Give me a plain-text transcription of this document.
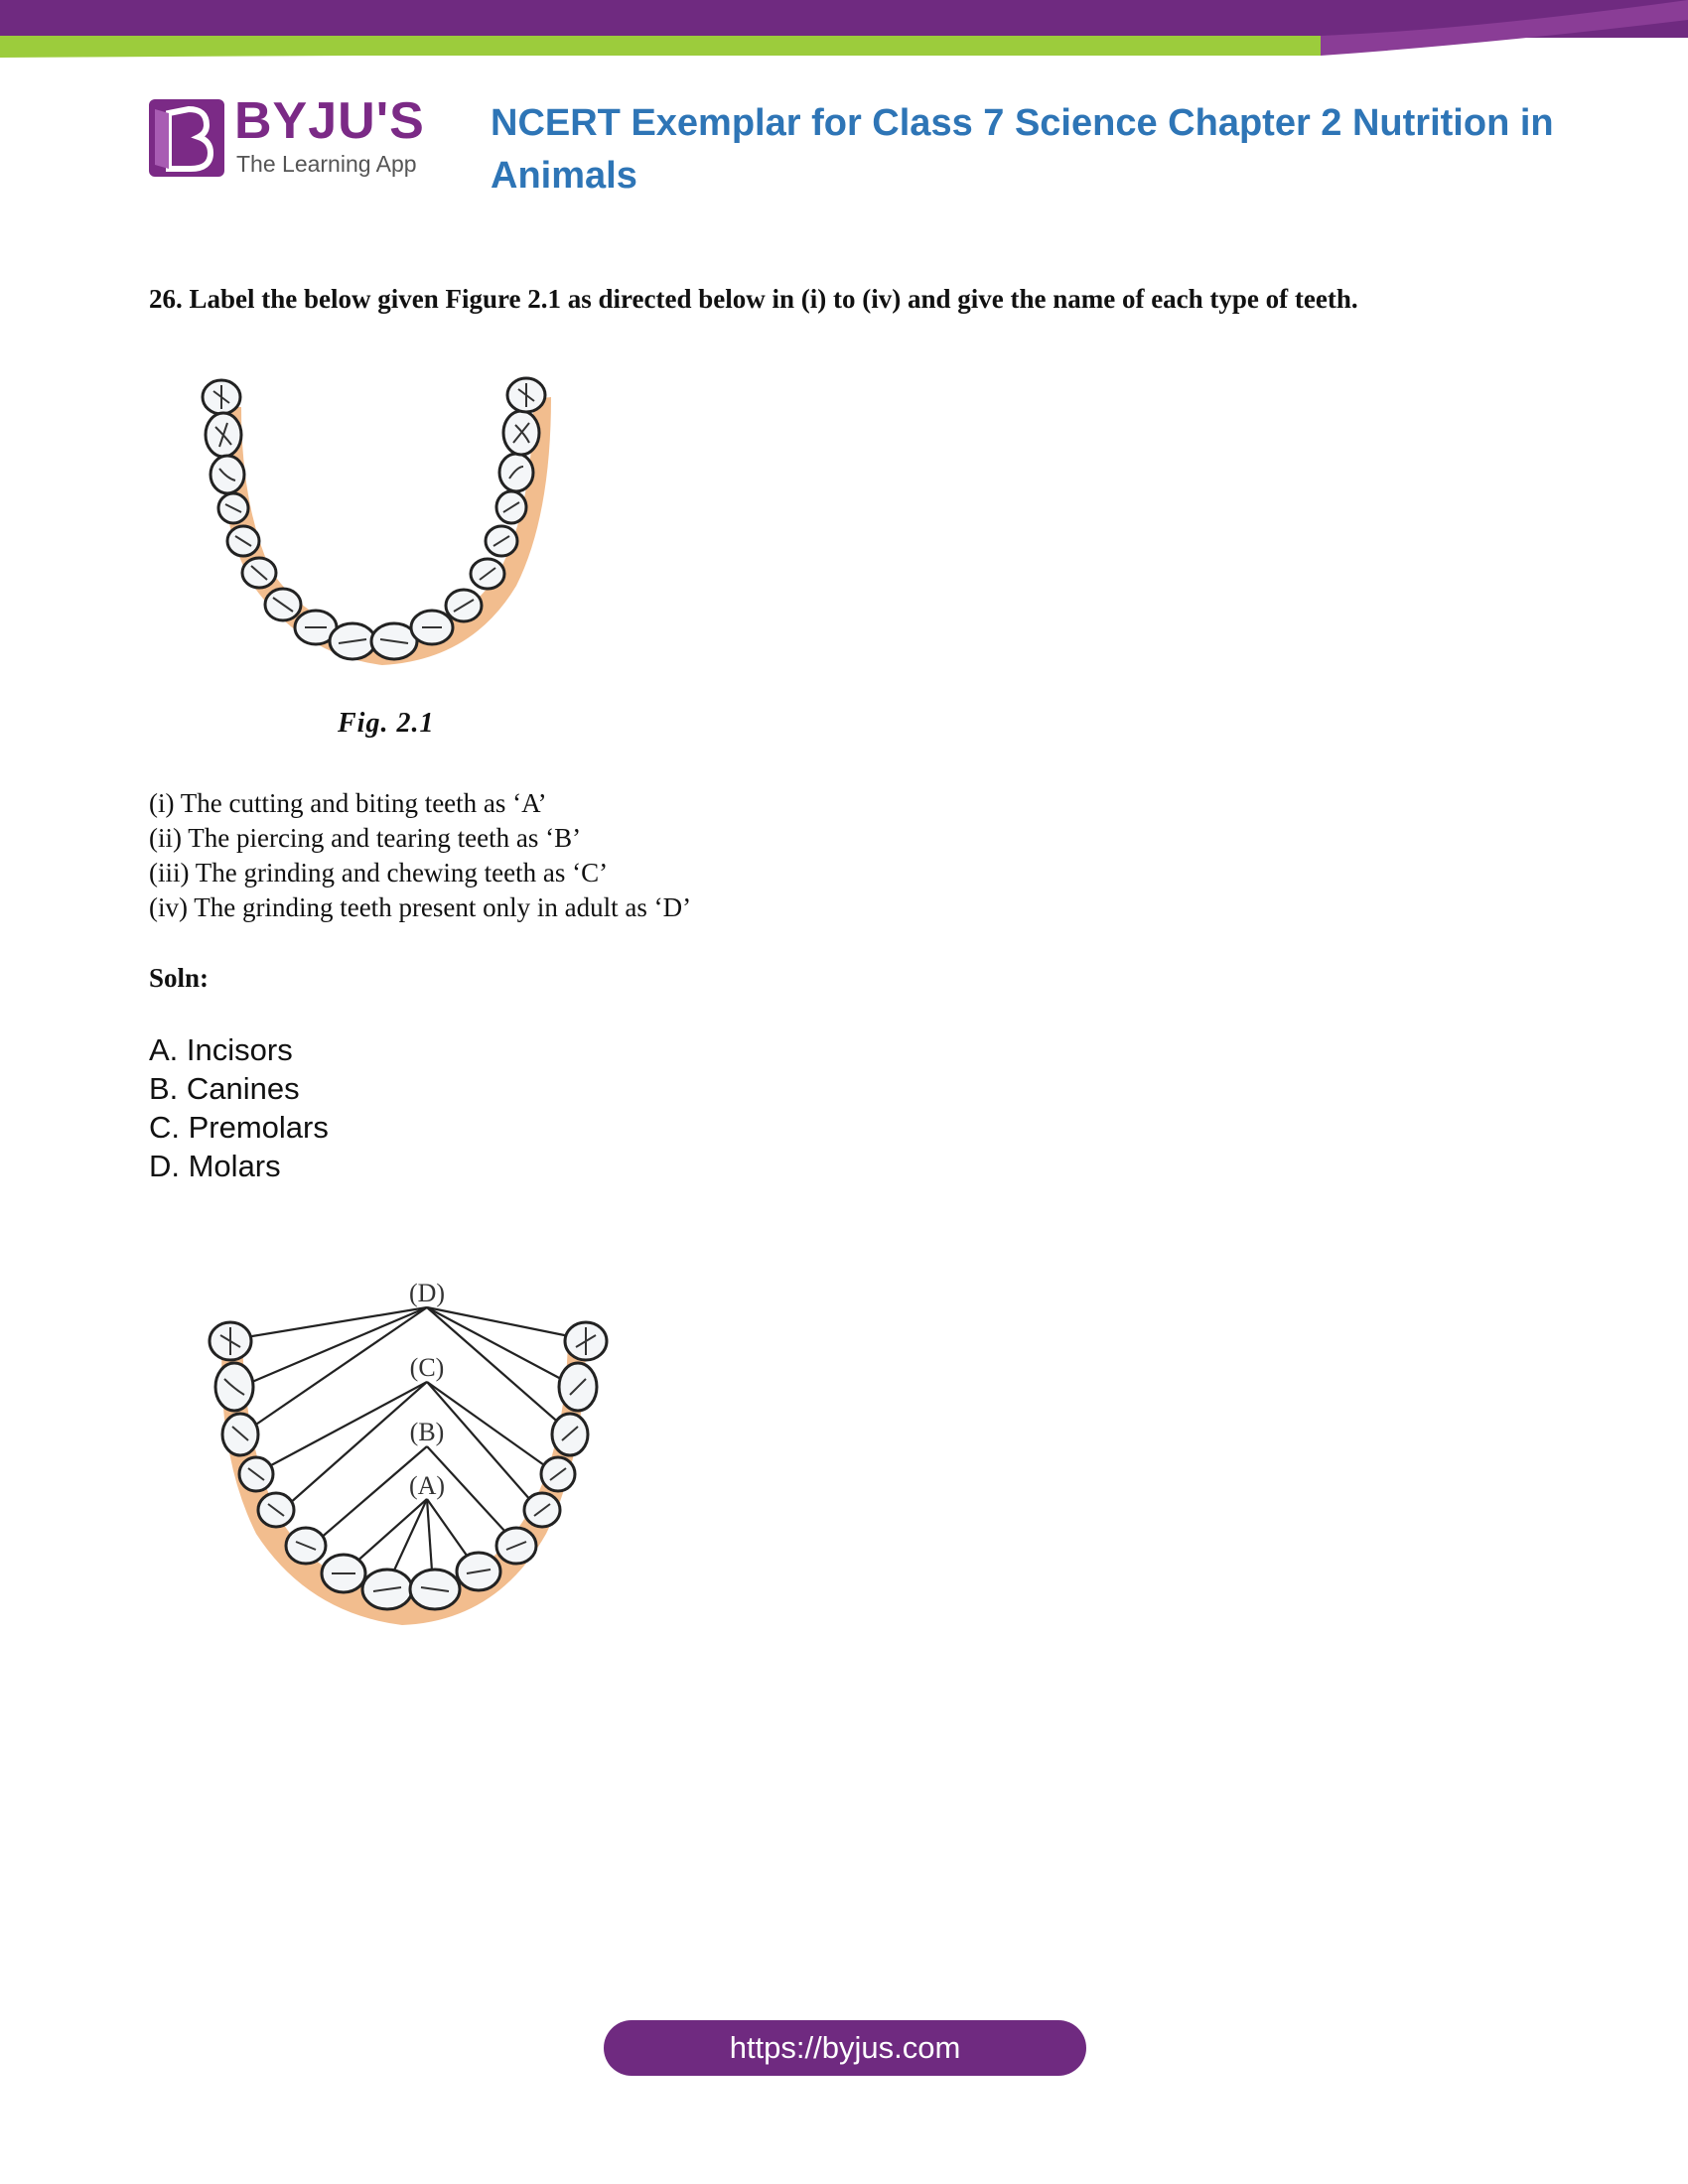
BYJU'S
The Learning App
NCERT Exemplar for Class 7 Science Chapter 2 Nutrition in Animals

26. Label the below given Figure 2.1 as directed below in (i) to (iv) and give the name of each type of teeth.

Fig. 2.1
(i) The cutting and biting teeth as ‘A’
(ii) The piercing and tearing teeth as ‘B’
(iii) The grinding and chewing teeth as ‘C’
(iv) The grinding teeth present only in adult as ‘D’
Soln:
A. Incisors
B. Canines
C. Premolars
D. Molars
(D)
(C)
(B)
(A)
https://byjus.com
